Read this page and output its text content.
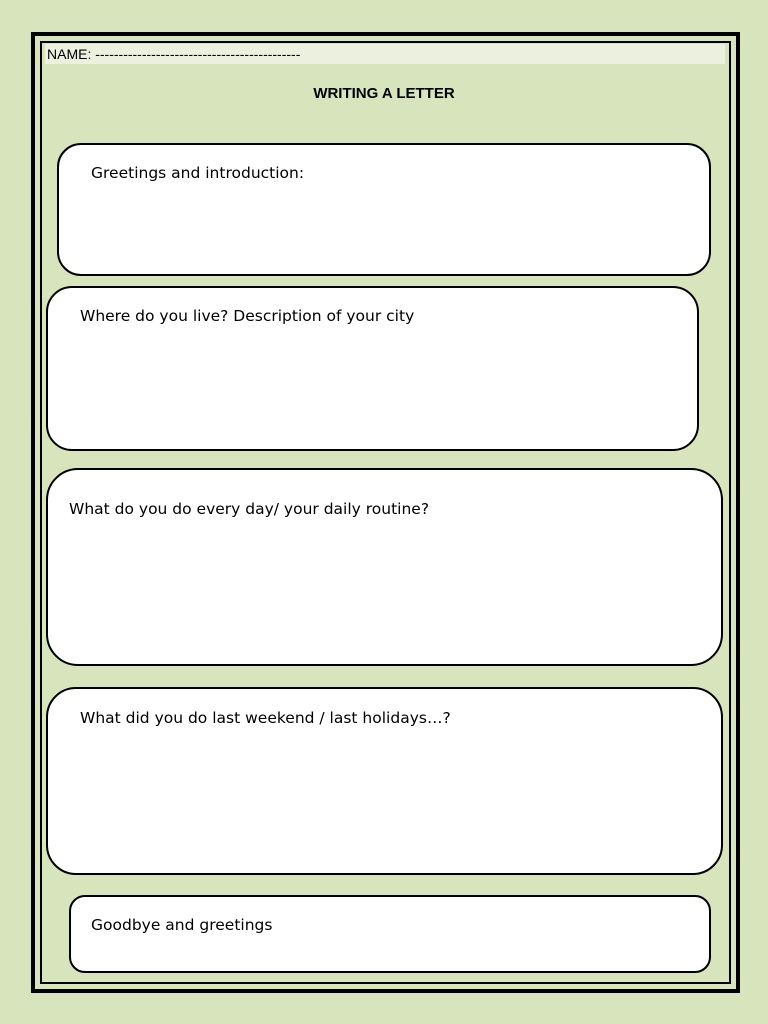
NAME: --------------------------------------------
WRITING A LETTER
Greetings and introduction:
Where do you live? Description of your city
What do you do every day/ your daily routine?
What did you do last weekend / last holidays…?
Goodbye and greetings
